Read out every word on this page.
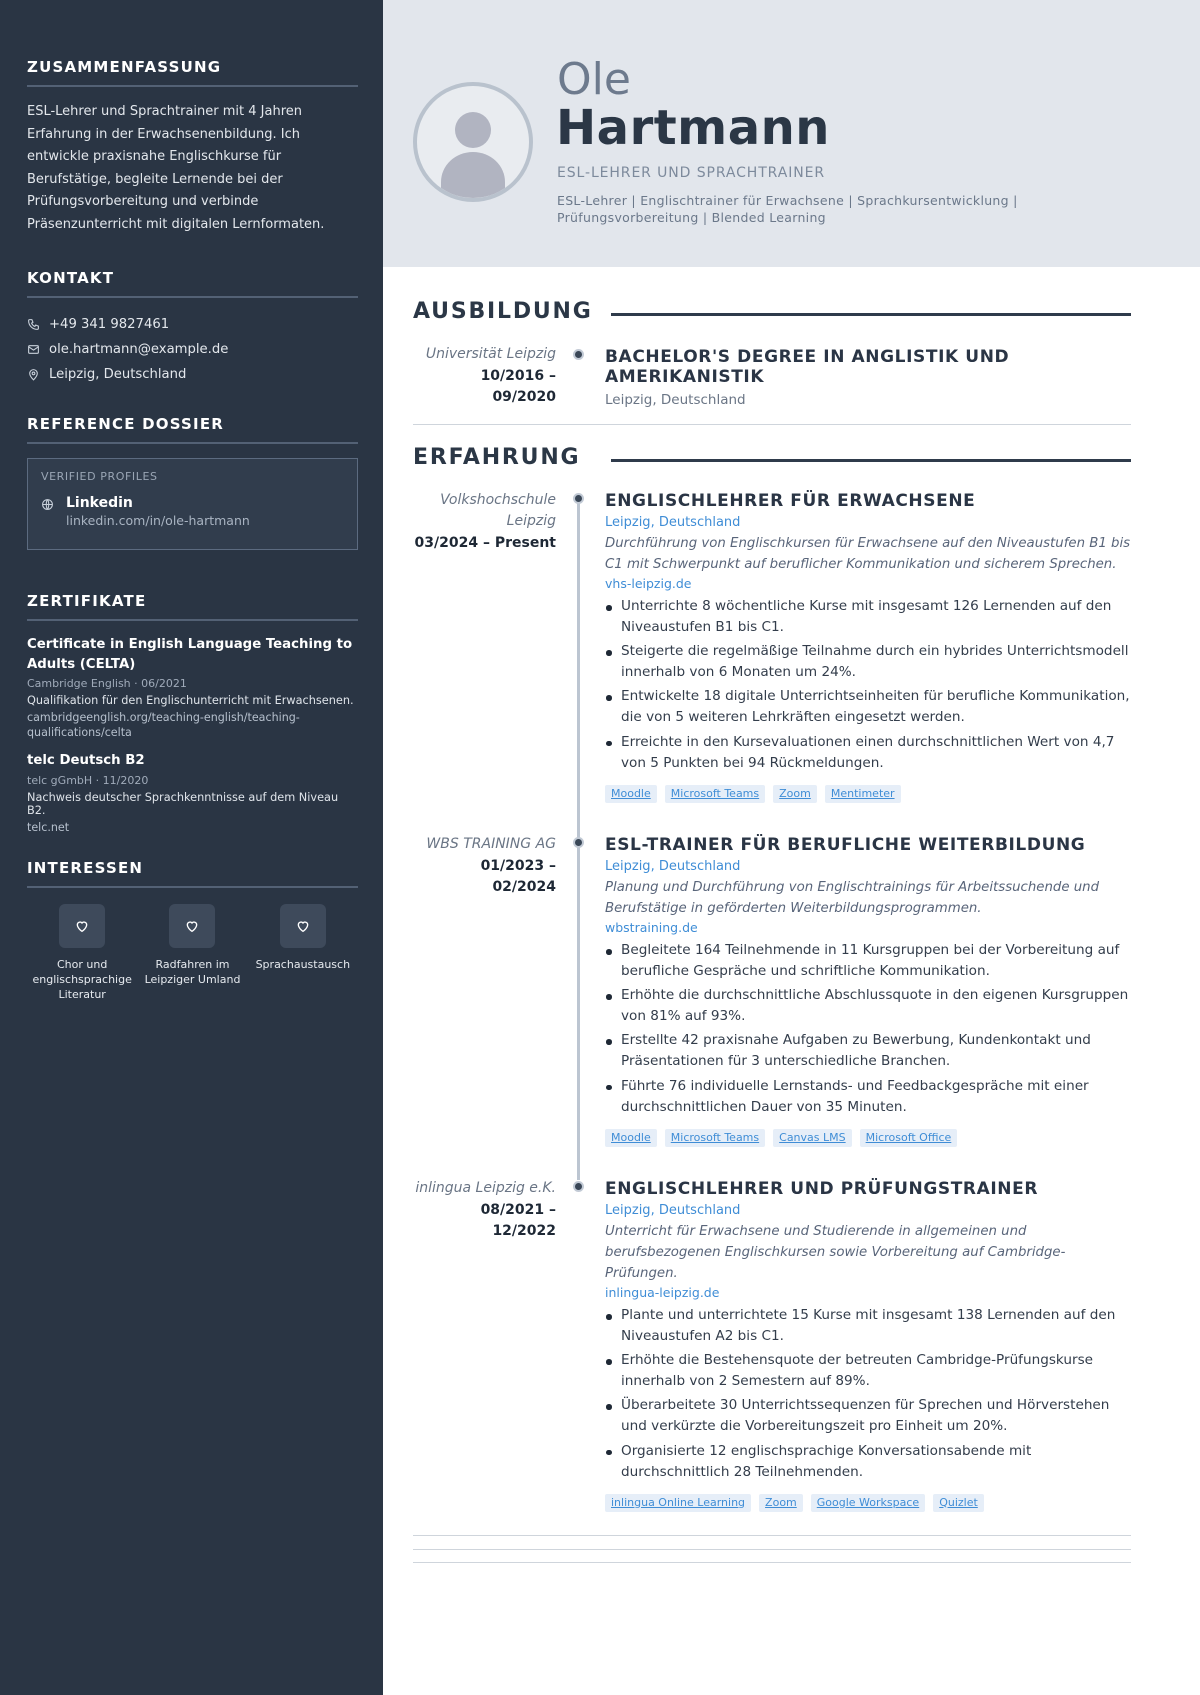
ZUSAMMENFASSUNG

ESL-Lehrer und Sprachtrainer mit 4 Jahren Erfahrung in der Erwachsenenbildung. Ich entwickle praxisnahe Englischkurse für Berufstätige, begleite Lernende bei der Prüfungsvorbereitung und verbinde Präsenzunterricht mit digitalen Lernformaten.

KONTAKT
+49 341 9827461
ole.hartmann@example.de
Leipzig, Deutschland
REFERENCE DOSSIER
VERIFIED PROFILES
Linkedin
linkedin.com/in/ole-hartmann
ZERTIFIKATE
Certificate in English Language Teaching to Adults (CELTA)
Cambridge English · 06/2021
Qualifikation für den Englischunterricht mit Erwachsenen.
cambridgeenglish.org/teaching-english/teaching-qualifications/celta
telc Deutsch B2
telc gGmbH · 11/2020
Nachweis deutscher Sprachkenntnisse auf dem Niveau B2.
telc.net
INTERESSEN
Chor und englischsprachige Literatur
Radfahren im Leipziger Umland
Sprachaustausch
Ole
Hartmann
ESL-LEHRER UND SPRACHTRAINER
ESL-Lehrer | Englischtrainer für Erwachsene | Sprachkursentwicklung | Prüfungsvorbereitung | Blended Learning
AUSBILDUNG
Universität Leipzig
10/2016 – 09/2020
BACHELOR'S DEGREE IN ANGLISTIK UND AMERIKANISTIK
Leipzig, Deutschland
ERFAHRUNG
Volkshochschule Leipzig
03/2024 – Present
ENGLISCHLEHRER FÜR ERWACHSENE
Leipzig, Deutschland
Durchführung von Englischkursen für Erwachsene auf den Niveaustufen B1 bis C1 mit Schwerpunkt auf beruflicher Kommunikation und sicherem Sprechen.
vhs-leipzig.de
Unterrichte 8 wöchentliche Kurse mit insgesamt 126 Lernenden auf den Niveaustufen B1 bis C1.
Steigerte die regelmäßige Teilnahme durch ein hybrides Unterrichtsmodell innerhalb von 6 Monaten um 24%.
Entwickelte 18 digitale Unterrichtseinheiten für berufliche Kommunikation, die von 5 weiteren Lehrkräften eingesetzt werden.
Erreichte in den Kursevaluationen einen durchschnittlichen Wert von 4,7 von 5 Punkten bei 94 Rückmeldungen.
Moodle	Microsoft Teams	Zoom	Mentimeter
WBS TRAINING AG
01/2023 – 02/2024
ESL-TRAINER FÜR BERUFLICHE WEITERBILDUNG
Leipzig, Deutschland
Planung und Durchführung von Englischtrainings für Arbeitssuchende und Berufstätige in geförderten Weiterbildungsprogrammen.
wbstraining.de
Begleitete 164 Teilnehmende in 11 Kursgruppen bei der Vorbereitung auf berufliche Gespräche und schriftliche Kommunikation.
Erhöhte die durchschnittliche Abschlussquote in den eigenen Kursgruppen von 81% auf 93%.
Erstellte 42 praxisnahe Aufgaben zu Bewerbung, Kundenkontakt und Präsentationen für 3 unterschiedliche Branchen.
Führte 76 individuelle Lernstands- und Feedbackgespräche mit einer durchschnittlichen Dauer von 35 Minuten.
Moodle	Microsoft Teams	Canvas LMS	Microsoft Office
inlingua Leipzig e.K.
08/2021 – 12/2022
ENGLISCHLEHRER UND PRÜFUNGSTRAINER
Leipzig, Deutschland
Unterricht für Erwachsene und Studierende in allgemeinen und berufsbezogenen Englischkursen sowie Vorbereitung auf Cambridge-Prüfungen.
inlingua-leipzig.de
Plante und unterrichtete 15 Kurse mit insgesamt 138 Lernenden auf den Niveaustufen A2 bis C1.
Erhöhte die Bestehensquote der betreuten Cambridge-Prüfungskurse innerhalb von 2 Semestern auf 89%.
Überarbeitete 30 Unterrichtssequenzen für Sprechen und Hörverstehen und verkürzte die Vorbereitungszeit pro Einheit um 20%.
Organisierte 12 englischsprachige Konversationsabende mit durchschnittlich 28 Teilnehmenden.
inlingua Online Learning	Zoom	Google Workspace	Quizlet
